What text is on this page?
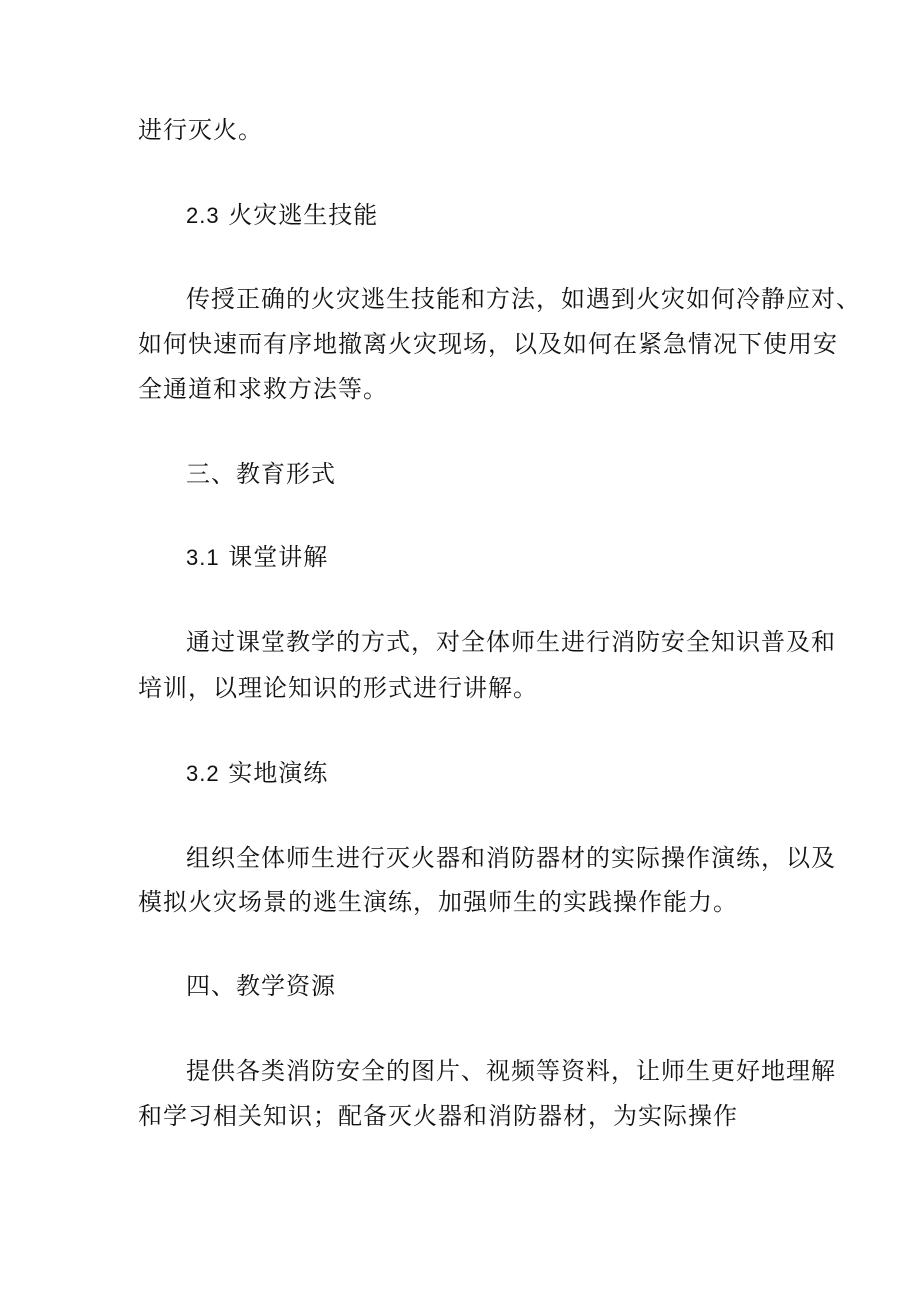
进行灭火。
2.3 火灾逃生技能
传授正确的火灾逃生技能和方法，如遇到火灾如何冷静应对、
如何快速而有序地撤离火灾现场，以及如何在紧急情况下使用安
全通道和求救方法等。
三、教育形式
3.1 课堂讲解
通过课堂教学的方式，对全体师生进行消防安全知识普及和
培训，以理论知识的形式进行讲解。
3.2 实地演练
组织全体师生进行灭火器和消防器材的实际操作演练，以及
模拟火灾场景的逃生演练，加强师生的实践操作能力。
四、教学资源
提供各类消防安全的图片、视频等资料，让师生更好地理解
和学习相关知识；配备灭火器和消防器材，为实际操作
